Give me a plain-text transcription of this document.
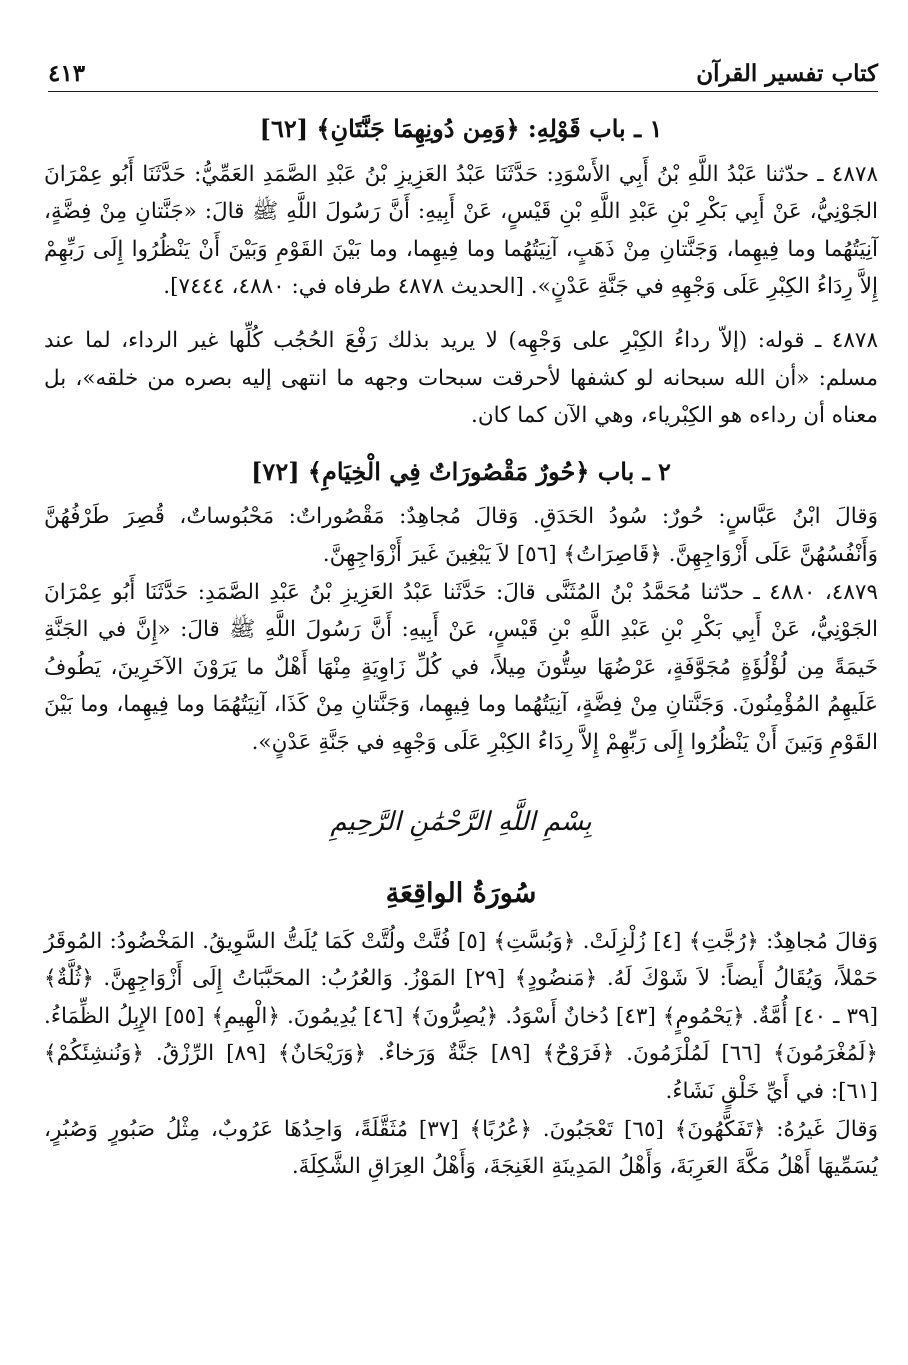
كتاب تفسير القرآن
٤١٣
١ ـ باب قَوْلِهِ: ﴿وَمِن دُونِهِمَا جَنَّتَانِ﴾ [٦٢]

٤٨٧٨ ـ حدّثنا عَبْدُ اللَّهِ بْنُ أَبِي الأَسْوَدِ: حَدَّثَنَا عَبْدُ العَزِيزِ بْنُ عَبْدِ الصَّمَدِ العَمِّيُّ: حَدَّثَنَا أَبُو عِمْرَانَ الجَوْنِيُّ، عَنْ أَبِي بَكْرِ بْنِ عَبْدِ اللَّهِ بْنِ قَيْسٍ، عَنْ أَبِيهِ: أَنَّ رَسُولَ اللَّهِ ﷺ قالَ: «جَنَّتانِ مِنْ فِضَّةٍ، آنِيَتُهُما وما فِيهِما، وَجَنَّتانِ مِنْ ذَهَبٍ، آنِيَتُهُما وما فِيهِما، وما بَيْنَ القَوْمِ وَبَيْنَ أَنْ يَنْظُرُوا إِلَى رَبِّهِمْ إِلاَّ رِدَاءُ الكِبْرِ عَلَى وَجْهِهِ في جَنَّةِ عَدْنٍ». [الحديث ٤٨٧٨ طرفاه في: ٤٨٨٠، ٧٤٤٤].

٤٨٧٨ ـ قوله: (إلاّ رداءُ الكِبْرِ على وَجْهِه) لا يريد بذلك رَفْعَ الحُجُب كُلِّها غير الرداء، لما عند مسلم: «أن الله سبحانه لو كشفها لأحرقت سبحات وجهه ما انتهى إليه بصره من خلقه»، بل معناه أن رداءه هو الكِبْرياء، وهي الآن كما كان.

٢ ـ باب ﴿حُورٌ مَقْصُورَاتٌ فِي الْخِيَامِ﴾ [٧٢]

وَقالَ ابْنُ عَبَّاسٍ: حُورٌ: سُودُ الحَدَقِ. وَقالَ مُجاهِدٌ: مَقْصُوراتٌ: مَحْبُوساتٌ، قُصِرَ طَرْفُهُنَّ وَأَنْفُسُهُنَّ عَلَى أَزْوَاجِهِنَّ. ﴿قَاصِرَاتُ﴾ [٥٦] لاَ يَبْغِينَ غَيرَ أَزْوَاجِهِنَّ.

٤٨٧٩، ٤٨٨٠ ـ حدّثنا مُحَمَّدُ بْنُ المُثَنَّى قالَ: حَدَّثَنا عَبْدُ العَزِيزِ بْنُ عَبْدِ الصَّمَدِ: حَدَّثَنَا أَبُو عِمْرَانَ الجَوْنِيُّ، عَنْ أَبِي بَكْرِ بْنِ عَبْدِ اللَّهِ بْنِ قَيْسٍ، عَنْ أَبِيهِ: أَنَّ رَسُولَ اللَّهِ ﷺ قالَ: «إِنَّ في الجَنَّةِ خَيمَةً مِن لُؤْلُؤَةٍ مُجَوَّفَةٍ، عَرْضُهَا سِتُّونَ مِيلاً، في كُلِّ زَاوِيَةٍ مِنْهَا أَهْلٌ ما يَرَوْنَ الآخَرِينَ، يَطُوفُ عَلَيهِمُ المُؤْمِنُونَ. وَجَنَّتانِ مِنْ فِضَّةٍ، آنِيَتُهُما وما فِيهِما، وَجَنَّتانِ مِنْ كَذَا، آنِيَتُهُمَا وما فِيهِما، وما بَيْنَ القَوْمِ وَبَينَ أَنْ يَنْظُرُوا إِلَى رَبِّهِمْ إِلاَّ رِدَاءُ الكِبْرِ عَلَى وَجْهِهِ في جَنَّةِ عَدْنٍ».

بِسْمِ اللَّهِ الرَّحْمَٰنِ الرَّحِيمِ
سُورَةُ الواقِعَةِ

وَقالَ مُجاهِدٌ: ﴿رُجَّتِ﴾ [٤] زُلْزِلَتْ. ﴿وَبُسَّتِ﴾ [٥] فُتَّتْ ولُتَّتْ كَمَا يُلَتُّ السَّوِيقُ. المَخْضُودُ: المُوقَرُ حَمْلاً، وَيُقَالُ أَيضاً: لاَ شَوْكَ لَهُ. ﴿مَنضُودٍ﴾ [٢٩] المَوْزُ. وَالعُرُبُ: المحَبَّبَاتُ إِلَى أَزْوَاجِهِنَّ. ﴿ثُلَّةٌ﴾ [٣٩ ـ ٤٠] أُمَّةٌ. ﴿يَحْمُومٍ﴾ [٤٣] دُخانٌ أَسْوَدُ. ﴿يُصِرُّونَ﴾ [٤٦] يُدِيمُونَ. ﴿الْهِيمِ﴾ [٥٥] الإِبِلُ الظِّمَاءُ. ﴿لَمُغْرَمُونَ﴾ [٦٦] لَمُلْزَمُونَ. ﴿فَرَوْحٌ﴾ [٨٩] جَنَّةٌ وَرَخاءٌ. ﴿وَرَيْحَانٌ﴾ [٨٩] الرِّزْقُ. ﴿وَنُنشِئَكُمْ﴾ [٦١]: في أَيِّ خَلْقٍ نَشَاءُ.

وَقالَ غَيرُهُ: ﴿تَفَكَّهُونَ﴾ [٦٥] تَعْجَبُونَ. ﴿عُرُبًا﴾ [٣٧] مُثَقَّلَةً، وَاحِدُهَا عَرُوبٌ، مِثْلُ صَبُورٍ وَصُبُرٍ، يُسَمِّيهَا أَهْلُ مَكَّةَ العَرِبَةَ، وَأَهْلُ المَدِينَةِ الغَنِجَةَ، وَأَهْلُ العِرَاقِ الشَّكِلَةَ.
